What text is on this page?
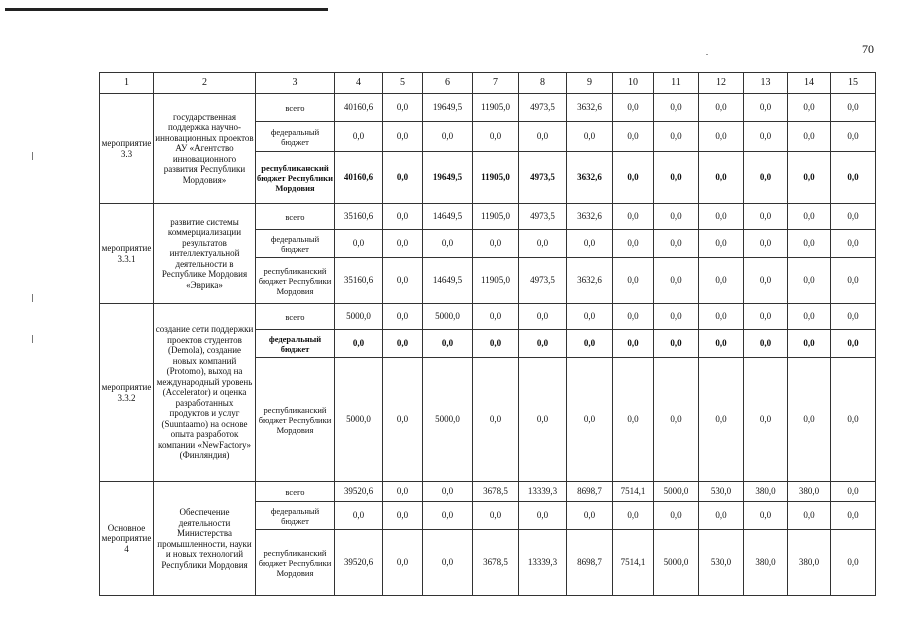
70
1	2	3	4	5	6	7	8	9	10	11	12	13	14	15
мероприятие 3.3	государственная поддержка научно-инновационных проектов АУ «Агентство инновационного развития Республики Мордовия»	всего	40160,6	0,0	19649,5	11905,0	4973,5	3632,6	0,0	0,0	0,0	0,0	0,0	0,0
		федеральный бюджет	0,0	0,0	0,0	0,0	0,0	0,0	0,0	0,0	0,0	0,0	0,0	0,0
		республиканский бюджет Республики Мордовия	40160,6	0,0	19649,5	11905,0	4973,5	3632,6	0,0	0,0	0,0	0,0	0,0	0,0
мероприятие 3.3.1	развитие системы коммерциализации результатов интеллектуальной деятельности в Республике Мордовия «Эврика»	всего	35160,6	0,0	14649,5	11905,0	4973,5	3632,6	0,0	0,0	0,0	0,0	0,0	0,0
		федеральный бюджет	0,0	0,0	0,0	0,0	0,0	0,0	0,0	0,0	0,0	0,0	0,0	0,0
		республиканский бюджет Республики Мордовия	35160,6	0,0	14649,5	11905,0	4973,5	3632,6	0,0	0,0	0,0	0,0	0,0	0,0
мероприятие 3.3.2	создание сети поддержки проектов студентов (Demola), создание новых компаний (Protomo), выход на международный уровень (Accelerator) и оценка разработанных продуктов и услуг (Suuntaamo) на основе опыта разработок компании «NewFactory» (Финляндия)	всего	5000,0	0,0	5000,0	0,0	0,0	0,0	0,0	0,0	0,0	0,0	0,0	0,0
		федеральный бюджет	0,0	0,0	0,0	0,0	0,0	0,0	0,0	0,0	0,0	0,0	0,0	0,0
		республиканский бюджет Республики Мордовия	5000,0	0,0	5000,0	0,0	0,0	0,0	0,0	0,0	0,0	0,0	0,0	0,0
Основное мероприятие 4	Обеспечение деятельности Министерства промышленности, науки и новых технологий Республики Мордовия	всего	39520,6	0,0	0,0	3678,5	13339,3	8698,7	7514,1	5000,0	530,0	380,0	380,0	0,0
		федеральный бюджет	0,0	0,0	0,0	0,0	0,0	0,0	0,0	0,0	0,0	0,0	0,0	0,0
		республиканский бюджет Республики Мордовия	39520,6	0,0	0,0	3678,5	13339,3	8698,7	7514,1	5000,0	530,0	380,0	380,0	0,0
